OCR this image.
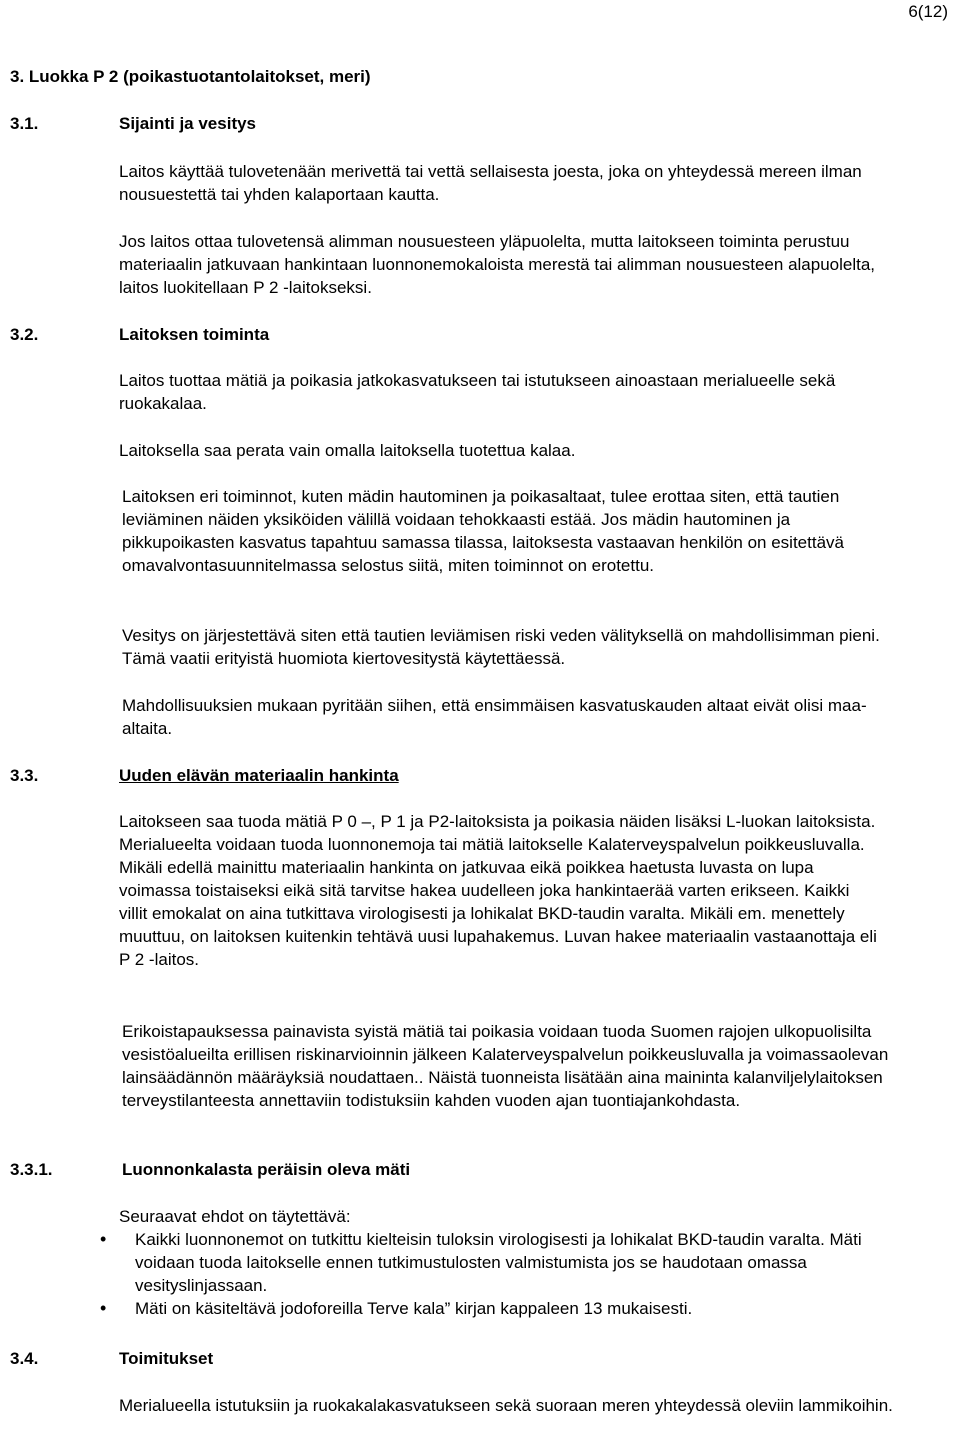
6(12)
3. Luokka P 2 (poikastuotantolaitokset, meri)
3.1.	Sijainti ja vesitys
Laitos käyttää tulovetenään merivettä tai vettä sellaisesta joesta, joka on yhteydessä mereen ilman nousuestettä tai yhden kalaportaan kautta.
Jos laitos ottaa tulovetensä alimman nousuesteen yläpuolelta, mutta laitokseen toiminta perustuu materiaalin jatkuvaan hankintaan luonnonemokaloista merestä tai alimman nousuesteen alapuolelta, laitos luokitellaan P 2 -laitokseksi.
3.2.	Laitoksen toiminta
Laitos tuottaa mätiä ja poikasia jatkokasvatukseen tai istutukseen ainoastaan merialueelle sekä ruokakalaa.
Laitoksella saa perata vain omalla laitoksella tuotettua kalaa.
Laitoksen eri toiminnot, kuten mädin hautominen ja poikasaltaat, tulee erottaa siten, että tautien leviäminen näiden yksiköiden välillä voidaan tehokkaasti estää. Jos mädin hautominen ja pikkupoikasten kasvatus tapahtuu samassa tilassa, laitoksesta vastaavan henkilön on esitettävä omavalvontasuunnitelmassa selostus siitä, miten toiminnot on erotettu.
Vesitys on järjestettävä siten että tautien leviämisen riski veden välityksellä on mahdollisimman pieni. Tämä vaatii erityistä huomiota kiertovesitystä käytettäessä.
Mahdollisuuksien mukaan pyritään siihen, että ensimmäisen kasvatuskauden altaat eivät olisi maa-altaita.
3.3.	Uuden elävän materiaalin hankinta
Laitokseen saa tuoda mätiä P 0 –, P 1 ja P2-laitoksista ja poikasia näiden lisäksi L-luokan laitoksista. Merialueelta voidaan tuoda luonnonemoja tai mätiä laitokselle Kalaterveyspalvelun poikkeusluvalla. Mikäli edellä mainittu materiaalin hankinta on jatkuvaa eikä poikkea haetusta luvasta on lupa voimassa toistaiseksi eikä sitä tarvitse hakea uudelleen joka hankintaerää varten erikseen. Kaikki villit emokalat on aina tutkittava virologisesti ja lohikalat BKD-taudin varalta. Mikäli em. menettely muuttuu, on laitoksen kuitenkin tehtävä uusi lupahakemus. Luvan hakee materiaalin vastaanottaja eli P 2 -laitos.
Erikoistapauksessa painavista syistä mätiä tai poikasia voidaan tuoda Suomen rajojen ulkopuolisilta vesistöalueilta erillisen riskinarvioinnin jälkeen Kalaterveyspalvelun poikkeusluvalla ja voimassaolevan lainsäädännön määräyksiä noudattaen.. Näistä tuonneista lisätään aina maininta kalanviljelylaitoksen terveystilanteesta annettaviin todistuksiin kahden vuoden ajan tuontiajankohdasta.
3.3.1.	Luonnonkalasta peräisin oleva mäti
Seuraavat ehdot on täytettävä:
• Kaikki luonnonemot on tutkittu kielteisin tuloksin virologisesti ja lohikalat BKD-taudin varalta. Mäti voidaan tuoda laitokselle ennen tutkimustulosten valmistumista jos se haudotaan omassa vesityslinjassaan.
• Mäti on käsiteltävä jodoforeilla Terve kala” kirjan kappaleen 13 mukaisesti.
3.4.	Toimitukset
Merialueella istutuksiin ja ruokakalakasvatukseen sekä suoraan meren yhteydessä oleviin lammikoihin.
